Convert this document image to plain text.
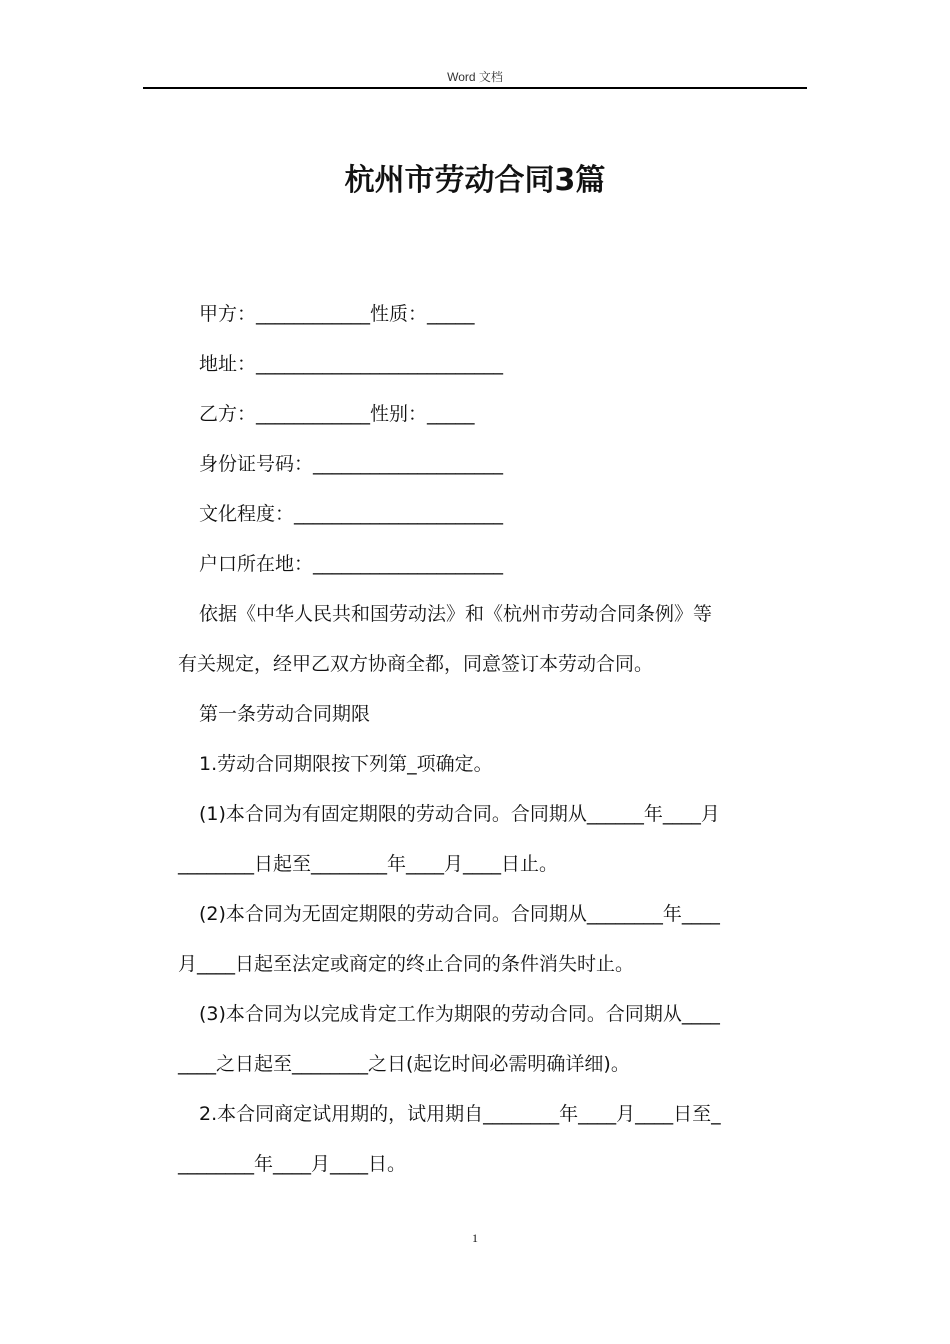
Word 文档
杭州市劳动合同3篇
甲方：____________性质：_____
地址：__________________________
乙方：____________性别：_____
身份证号码：____________________
文化程度：______________________
户口所在地：____________________
依据《中华人民共和国劳动法》和《杭州市劳动合同条例》等
有关规定，经甲乙双方协商全都，同意签订本劳动合同。
第一条劳动合同期限
1.劳动合同期限按下列第_项确定。
(1)本合同为有固定期限的劳动合同。合同期从______年____月
________日起至________年____月____日止。
(2)本合同为无固定期限的劳动合同。合同期从________年____
月____日起至法定或商定的终止合同的条件消失时止。
(3)本合同为以完成肯定工作为期限的劳动合同。合同期从____
____之日起至________之日(起讫时间必需明确详细)。
2.本合同商定试用期的，试用期自________年____月____日至_
________年____月____日。
1
